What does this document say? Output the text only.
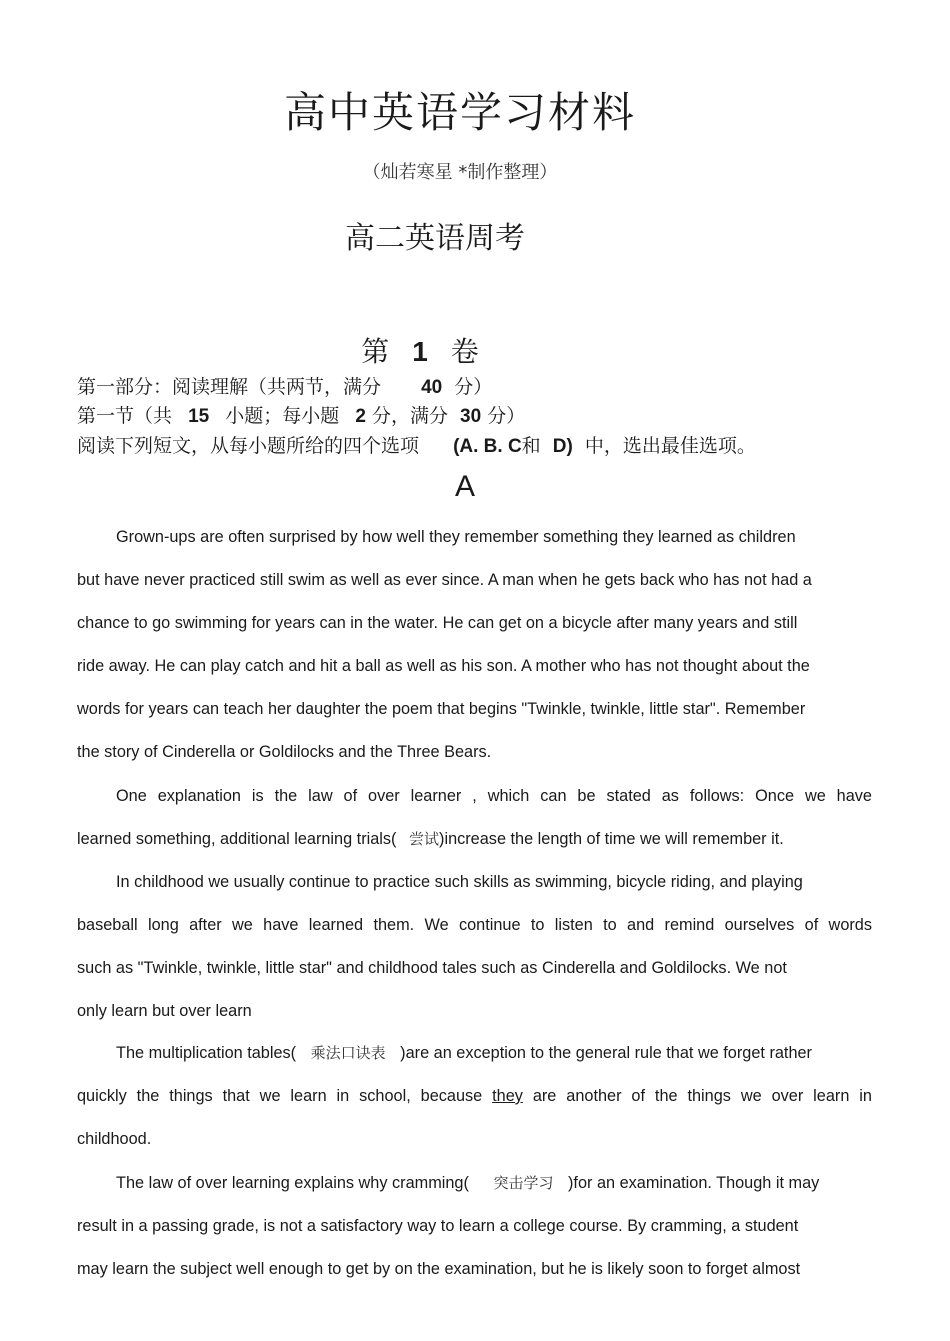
高中英语学习材料
（灿若寒星 *制作整理）
高二英语周考
第 1 卷
第一部分：阅读理解（共两节，满分 40 分）
第一节（共 15 小题；每小题 2 分，满分 30 分）
阅读下列短文，从每小题所给的四个选项 (A. B. C和 D) 中，选出最佳选项。
A
Grown-ups are often surprised by how well they remember something they learned as children
but have never practiced still swim as well as ever since. A man when he gets back who has not had a
chance to go swimming for years can in the water. He can get on a bicycle after many years and still
ride away. He can play catch and hit a ball as well as his son. A mother who has not thought about the
words for years can teach her daughter the poem that begins "Twinkle, twinkle, little star". Remember
the story of Cinderella or Goldilocks and the Three Bears.
One explanation is the law of over learner , which can be stated as follows: Once we have
learned something, additional learning trials( 尝试)increase the length of time we will remember it.
In childhood we usually continue to practice such skills as swimming, bicycle riding, and playing
baseball long after we have learned them. We continue to listen to and remind ourselves of words
such as "Twinkle, twinkle, little star" and childhood tales such as Cinderella and Goldilocks. We not
only learn but over learn
The multiplication tables( 乘法口诀表 )are an exception to the general rule that we forget rather
quickly the things that we learn in school, because they are another of the things we over learn in
childhood.
The law of over learning explains why cramming( 突击学习 )for an examination. Though it may
result in a passing grade, is not a satisfactory way to learn a college course. By cramming, a student
may learn the subject well enough to get by on the examination, but he is likely soon to forget almost
